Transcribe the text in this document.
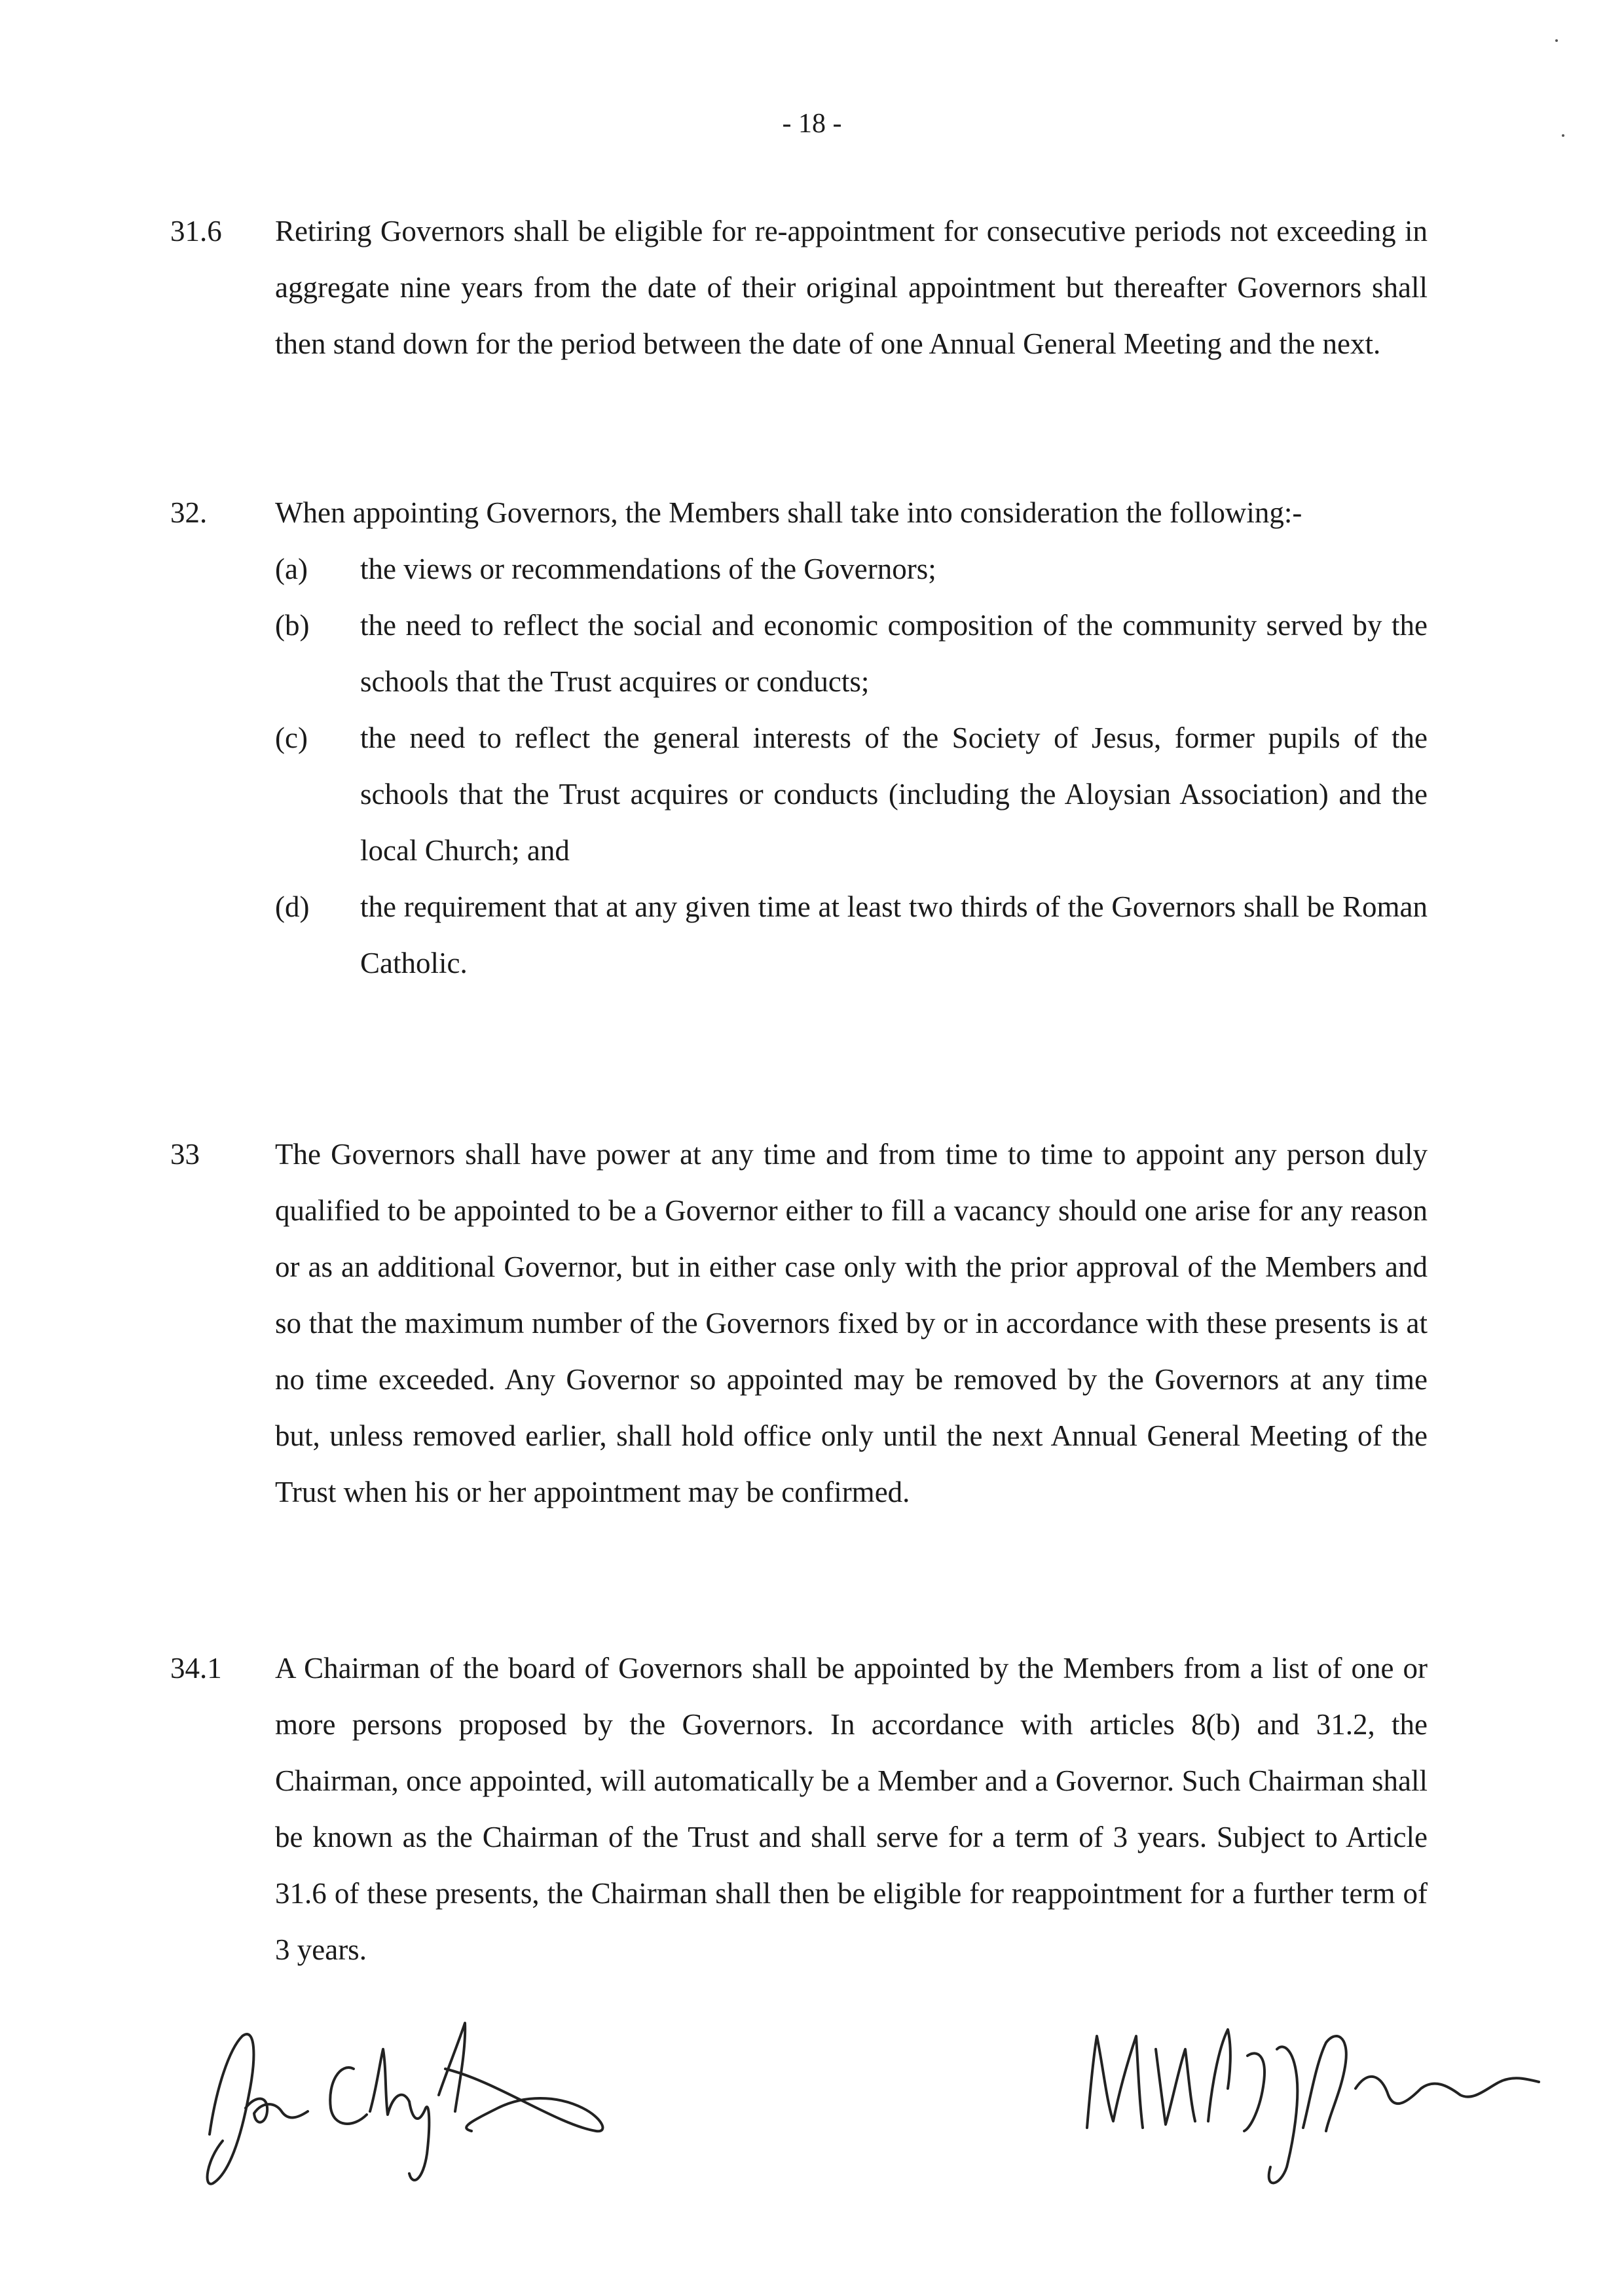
- 18 -
31.6 Retiring Governors shall be eligible for re-appointment for consecutive periods not exceeding in aggregate nine years from the date of their original appointment but thereafter Governors shall then stand down for the period between the date of one Annual General Meeting and the next.
32. When appointing Governors, the Members shall take into consideration the following:-
(a) the views or recommendations of the Governors;
(b) the need to reflect the social and economic composition of the community served by the schools that the Trust acquires or conducts;
(c) the need to reflect the general interests of the Society of Jesus, former pupils of the schools that the Trust acquires or conducts (including the Aloysian Association) and the local Church; and
(d) the requirement that at any given time at least two thirds of the Governors shall be Roman Catholic.
33	The Governors shall have power at any time and from time to time to appoint any person duly qualified to be appointed to be a Governor either to fill a vacancy should one arise for any reason or as an additional Governor, but in either case only with the prior approval of the Members and so that the maximum number of the Governors fixed by or in accordance with these presents is at no time exceeded. Any Governor so appointed may be removed by the Governors at any time but, unless removed earlier, shall hold office only until the next Annual General Meeting of the Trust when his or her appointment may be confirmed.
34.1 A Chairman of the board of Governors shall be appointed by the Members from a list of one or more persons proposed by the Governors. In accordance with articles 8(b) and 31.2, the Chairman, once appointed, will automatically be a Member and a Governor. Such Chairman shall be known as the Chairman of the Trust and shall serve for a term of 3 years. Subject to Article 31.6 of these presents, the Chairman shall then be eligible for reappointment for a further term of 3 years.
